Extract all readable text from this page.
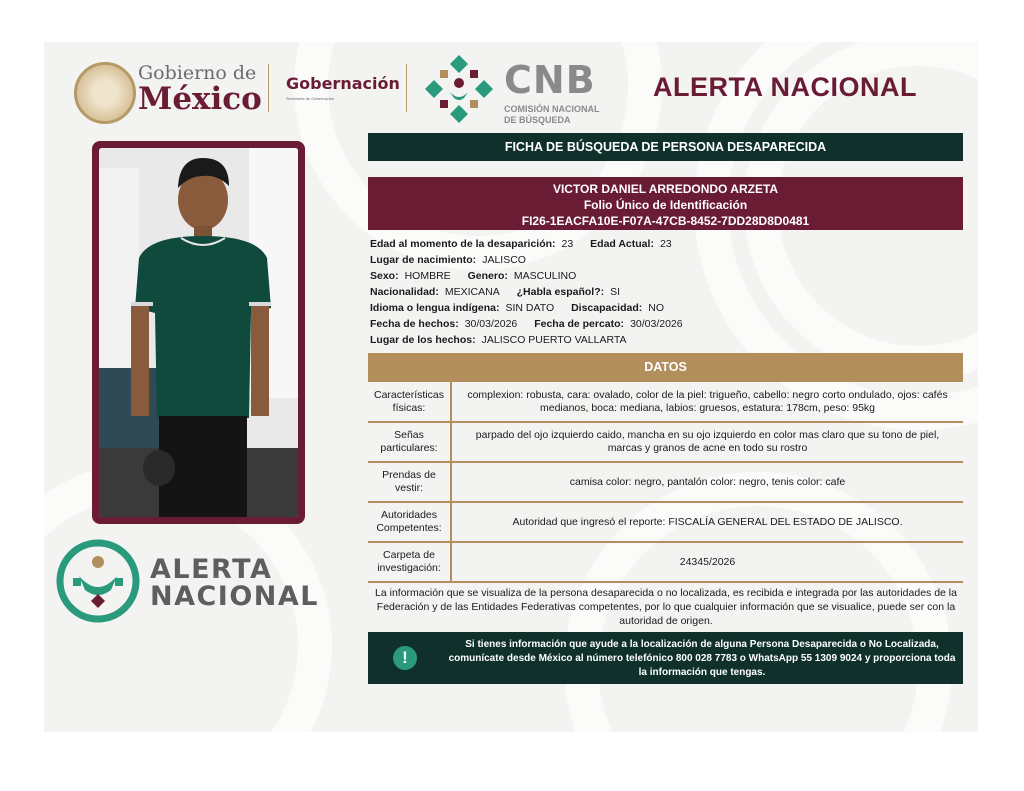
Gobierno de
México Gobernación
Secretaría de Gobernación	CNB
COMISIÓN NACIONAL DE BÚSQUEDA
ALERTA NACIONAL
ALERTA
NACIONAL
FICHA DE BÚSQUEDA DE PERSONA DESAPARECIDA
VICTOR DANIEL ARREDONDO ARZETA
Folio Único de Identificación
FI26-1EACFA10E-F07A-47CB-8452-7DD28D8D0481
Edad al momento de la desaparición: 23 Edad Actual: 23
Lugar de nacimiento: JALISCO
Sexo: HOMBRE Genero: MASCULINO
Nacionalidad: MEXICANA ¿Habla español?: SI
Idioma o lengua indígena: SIN DATO Discapacidad: NO
Fecha de hechos: 30/03/2026 Fecha de percato: 30/03/2026
Lugar de los hechos: JALISCO PUERTO VALLARTA
DATOS
Características físicas:	complexion: robusta, cara: ovalado, color de la piel: trigueño, cabello: negro corto ondulado, ojos: cafés medianos, boca: mediana, labios: gruesos, estatura: 178cm, peso: 95kg
Señas particulares:	parpado del ojo izquierdo caido, mancha en su ojo izquierdo en color mas claro que su tono de piel, marcas y granos de acne en todo su rostro
Prendas de vestir:	camisa color: negro, pantalón color: negro, tenis color: cafe
Autoridades Competentes:	Autoridad que ingresó el reporte: FISCALÍA GENERAL DEL ESTADO DE JALISCO.
Carpeta de investigación:	24345/2026
La información que se visualiza de la persona desaparecida o no localizada, es recibida e integrada por las autoridades de la Federación y de las Entidades Federativas competentes, por lo que cualquier información que se visualice, puede ser con la autoridad de origen.
!
Si tienes información que ayude a la localización de alguna Persona Desaparecida o No Localizada, comunícate desde México al número telefónico 800 028 7783 o WhatsApp 55 1309 9024 y proporciona toda la información que tengas.
